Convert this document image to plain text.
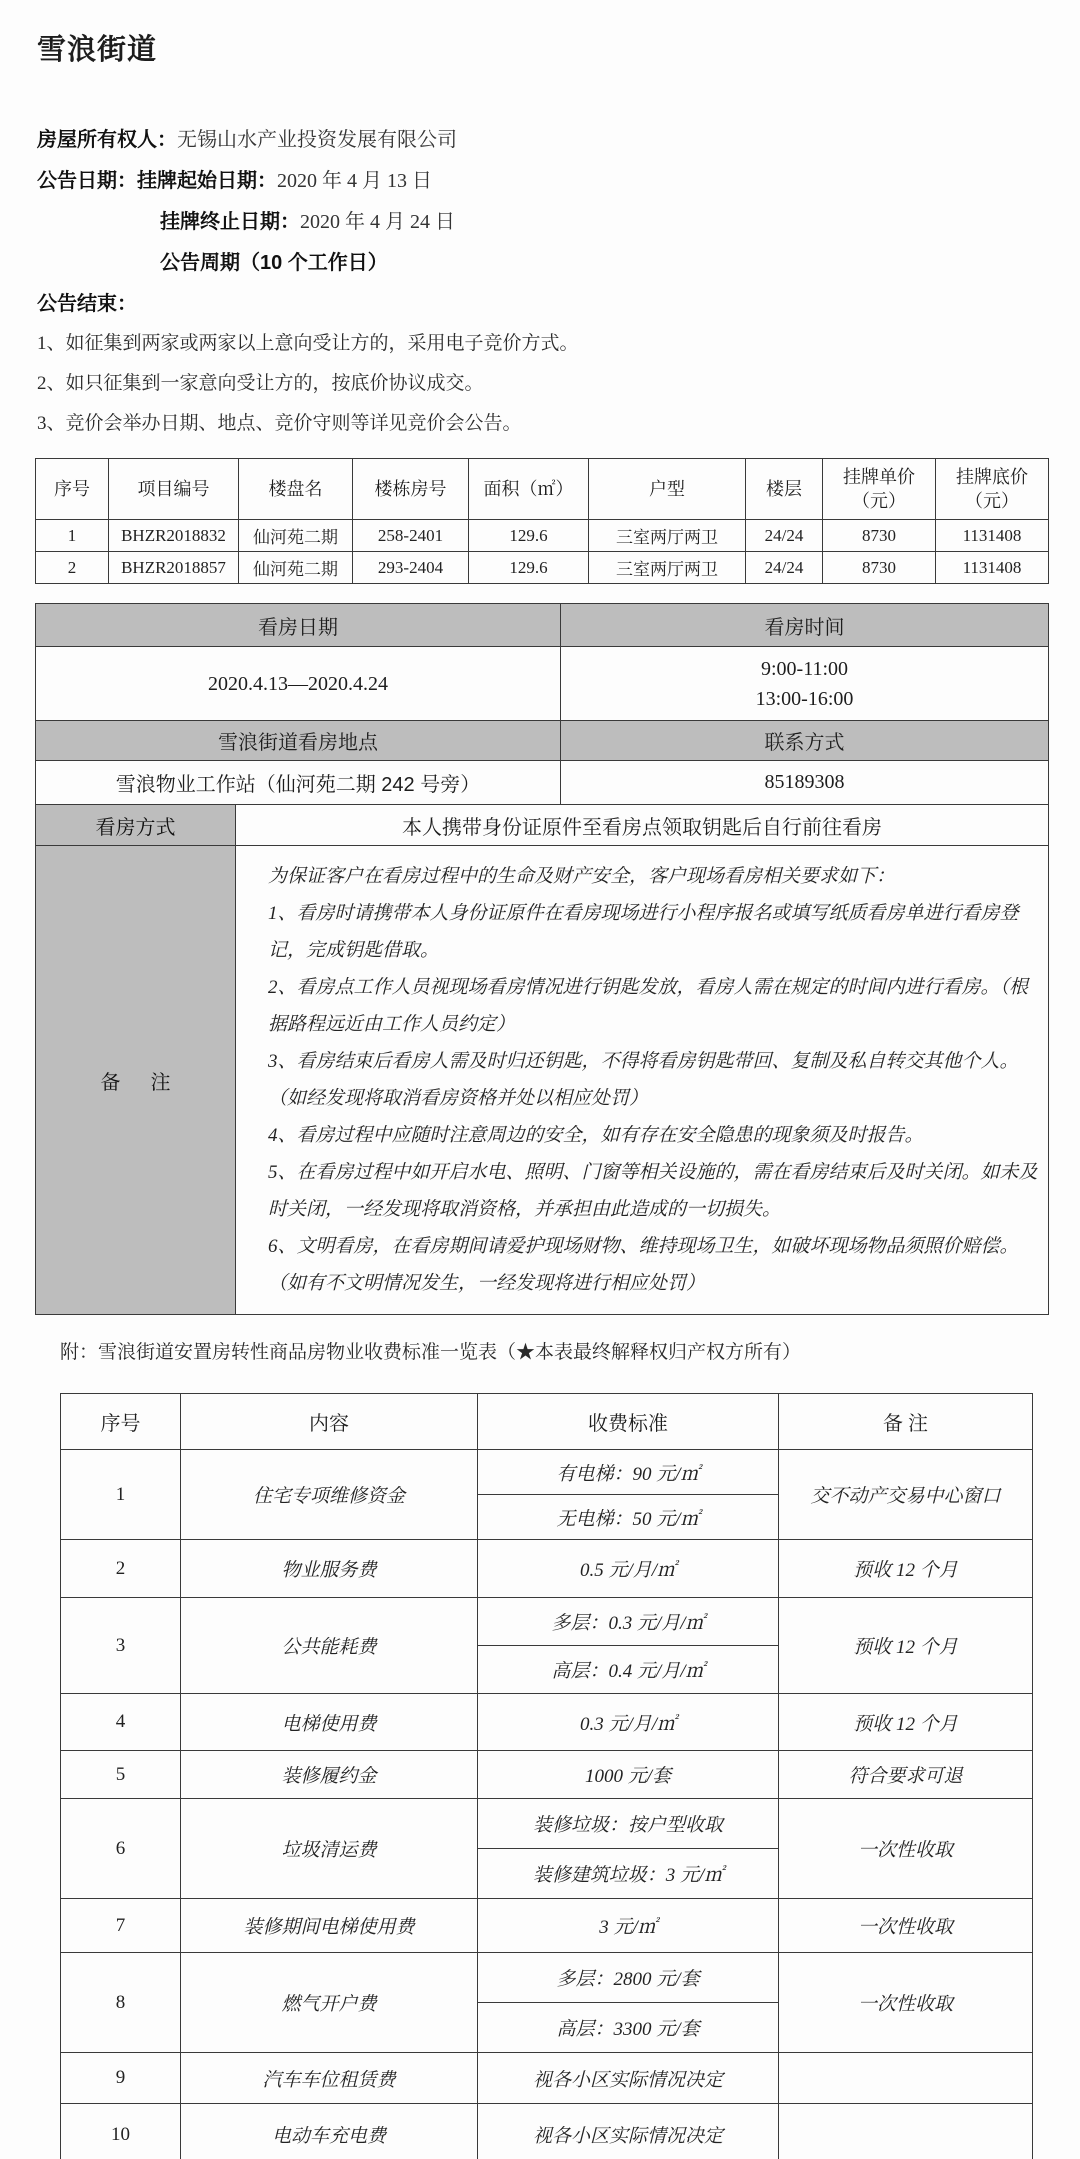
雪浪街道
房屋所有权人：无锡山水产业投资发展有限公司
公告日期：挂牌起始日期：2020 年 4 月 13 日
挂牌终止日期：2020 年 4 月 24 日
公告周期（10 个工作日）
公告结束：
1、如征集到两家或两家以上意向受让方的，采用电子竞价方式。
2、如只征集到一家意向受让方的，按底价协议成交。
3、竞价会举办日期、地点、竞价守则等详见竞价会公告。
序号	项目编号	楼盘名	楼栋房号	面积（㎡）	户型	楼层	挂牌单价（元）	挂牌底价（元）
1	BHZR2018832	仙河苑二期	258-2401	129.6	三室两厅两卫	24/24	8730	1131408
2	BHZR2018857	仙河苑二期	293-2404	129.6	三室两厅两卫	24/24	8730	1131408
看房日期		看房时间
2020.4.13—2020.4.24		9:00-11:00
13:00-16:00

雪浪街道看房地点		联系方式
雪浪物业工作站（仙河苑二期 242 号旁）		85189308
看房方式	本人携带身份证原件至看房点领取钥匙后自行前往看房	
备注	
为保证客户在看房过程中的生命及财产安全，客户现场看房相关要求如下：
1、看房时请携带本人身份证原件在看房现场进行小程序报名或填写纸质看房单进行看房登记，完成钥匙借取。
2、看房点工作人员视现场看房情况进行钥匙发放，看房人需在规定的时间内进行看房。（根据路程远近由工作人员约定）
3、看房结束后看房人需及时归还钥匙，不得将看房钥匙带回、复制及私自转交其他个人。（如经发现将取消看房资格并处以相应处罚）
4、看房过程中应随时注意周边的安全，如有存在安全隐患的现象须及时报告。
5、在看房过程中如开启水电、照明、门窗等相关设施的，需在看房结束后及时关闭。如未及时关闭，一经发现将取消资格，并承担由此造成的一切损失。
6、文明看房，在看房期间请爱护现场财物、维持现场卫生，如破坏现场物品须照价赔偿。（如有不文明情况发生，一经发现将进行相应处罚）
附：雪浪街道安置房转性商品房物业收费标准一览表（★本表最终解释权归产权方所有）
序号	内容	收费标准	备 注
1	住宅专项维修资金	有电梯：90 元/㎡	交不动产交易中心窗口
		无电梯：50 元/㎡	
2	物业服务费	0.5 元/月/㎡	预收 12 个月
3	公共能耗费	多层：0.3 元/月/㎡	预收 12 个月
		高层：0.4 元/月/㎡	
4	电梯使用费	0.3 元/月/㎡	预收 12 个月
5	装修履约金	1000 元/套	符合要求可退
6	垃圾清运费	装修垃圾：按户型收取	一次性收取
		装修建筑垃圾：3 元/㎡	
7	装修期间电梯使用费	3 元/㎡	一次性收取
8	燃气开户费	多层：2800 元/套	一次性收取
		高层：3300 元/套	
9	汽车车位租赁费	视各小区实际情况决定	
10	电动车充电费	视各小区实际情况决定	
